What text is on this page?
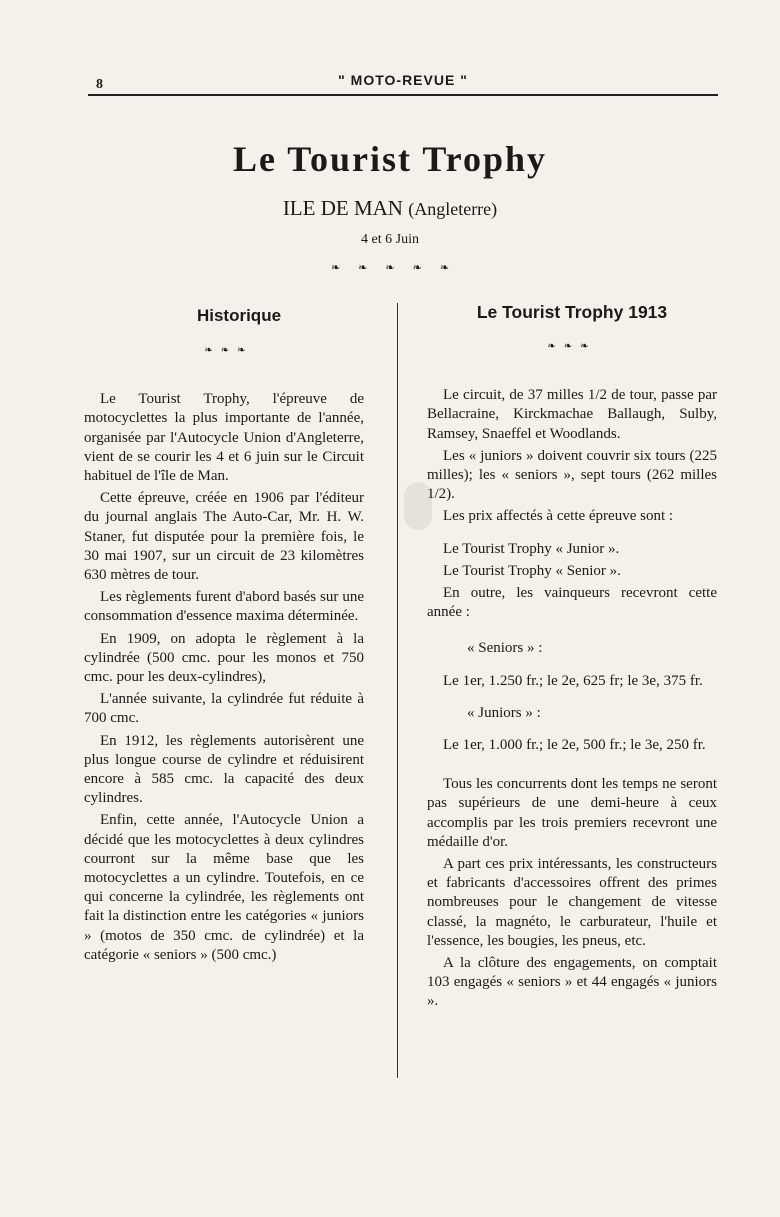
8	" MOTO-REVUE "
Le Tourist Trophy
ILE DE MAN (Angleterre)
4 et 6 Juin
❧❧❧❧❧
Historique
❧❧❧

Le Tourist Trophy, l'épreuve de motocyclettes la plus importante de l'année, organisée par l'Autocycle Union d'Angleterre, vient de se courir les 4 et 6 juin sur le Circuit habituel de l'île de Man.

Cette épreuve, créée en 1906 par l'éditeur du journal anglais The Auto-Car, Mr. H. W. Staner, fut disputée pour la première fois, le 30 mai 1907, sur un circuit de 23 kilomètres 630 mètres de tour.

Les règlements furent d'abord basés sur une consommation d'essence maxima déterminée.

En 1909, on adopta le règlement à la cylindrée (500 cmc. pour les monos et 750 cmc. pour les deux-cylindres),

L'année suivante, la cylindrée fut réduite à 700 cmc.

En 1912, les règlements autorisèrent une plus longue course de cylindre et réduisirent encore à 585 cmc. la capacité des deux cylindres.

Enfin, cette année, l'Autocycle Union a décidé que les motocyclettes à deux cylindres courront sur la même base que les motocyclettes a un cylindre. Toutefois, en ce qui concerne la cylindrée, les règlements ont fait la distinction entre les catégories « juniors » (motos de 350 cmc. de cylindrée) et la catégorie « seniors » (500 cmc.)

Le Tourist Trophy 1913
❧❧❧

Le circuit, de 37 milles 1/2 de tour, passe par Bellacraine, Kirckmachae Ballaugh, Sulby, Ramsey, Snaeffel et Woodlands.

Les « juniors » doivent couvrir six tours (225 milles); les « seniors », sept tours (262 milles 1/2).

Les prix affectés à cette épreuve sont :

Le Tourist Trophy « Junior ».

Le Tourist Trophy « Senior ».

En outre, les vainqueurs recevront cette année :

« Seniors » :

Le 1er, 1.250 fr.; le 2e, 625 fr; le 3e, 375 fr.

« Juniors » :

Le 1er, 1.000 fr.; le 2e, 500 fr.; le 3e, 250 fr.

Tous les concurrents dont les temps ne seront pas supérieurs de une demi-heure à ceux accomplis par les trois premiers recevront une médaille d'or.

A part ces prix intéressants, les constructeurs et fabricants d'accessoires offrent des primes nombreuses pour le changement de vitesse classé, la magnéto, le carburateur, l'huile et l'essence, les bougies, les pneus, etc.

A la clôture des engagements, on comptait 103 engagés « seniors » et 44 engagés « juniors ».
